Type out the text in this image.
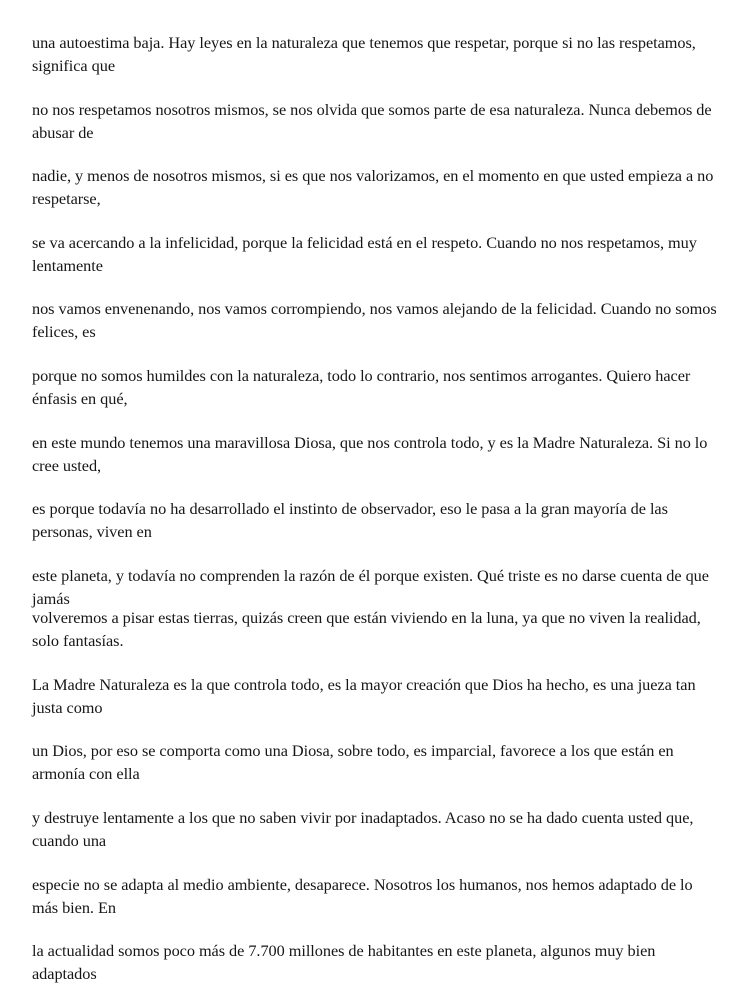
una autoestima baja. Hay leyes en la naturaleza que tenemos que respetar, porque si no las respetamos, significa que

no nos respetamos nosotros mismos, se nos olvida que somos parte de esa naturaleza. Nunca debemos de abusar de

nadie, y menos de nosotros mismos, si es que nos valorizamos, en el momento en que usted empieza a no respetarse,

se va acercando a la infelicidad, porque la felicidad está en el respeto. Cuando no nos respetamos, muy lentamente

nos vamos envenenando, nos vamos corrompiendo, nos vamos alejando de la felicidad. Cuando no somos felices, es

porque no somos humildes con la naturaleza, todo lo contrario, nos sentimos arrogantes. Quiero hacer énfasis en qué,

en este mundo tenemos una maravillosa Diosa, que nos controla todo, y es la Madre Naturaleza. Si no lo cree usted,

es porque todavía no ha desarrollado el instinto de observador, eso le pasa a la gran mayoría de las personas, viven en

este planeta, y todavía no comprenden la razón de él porque existen. Qué triste es no darse cuenta de que jamás

volveremos a pisar estas tierras, quizás creen que están viviendo en la luna, ya que no viven la realidad, solo fantasías.

La Madre Naturaleza es la que controla todo, es la mayor creación que Dios ha hecho, es una jueza tan justa como

un Dios, por eso se comporta como una Diosa, sobre todo, es imparcial, favorece a los que están en armonía con ella

y destruye lentamente a los que no saben vivir por inadaptados. Acaso no se ha dado cuenta usted que, cuando una

especie no se adapta al medio ambiente, desaparece. Nosotros los humanos, nos hemos adaptado de lo más bien. En

la actualidad somos poco más de 7.700 millones de habitantes en este planeta, algunos muy bien adaptados
